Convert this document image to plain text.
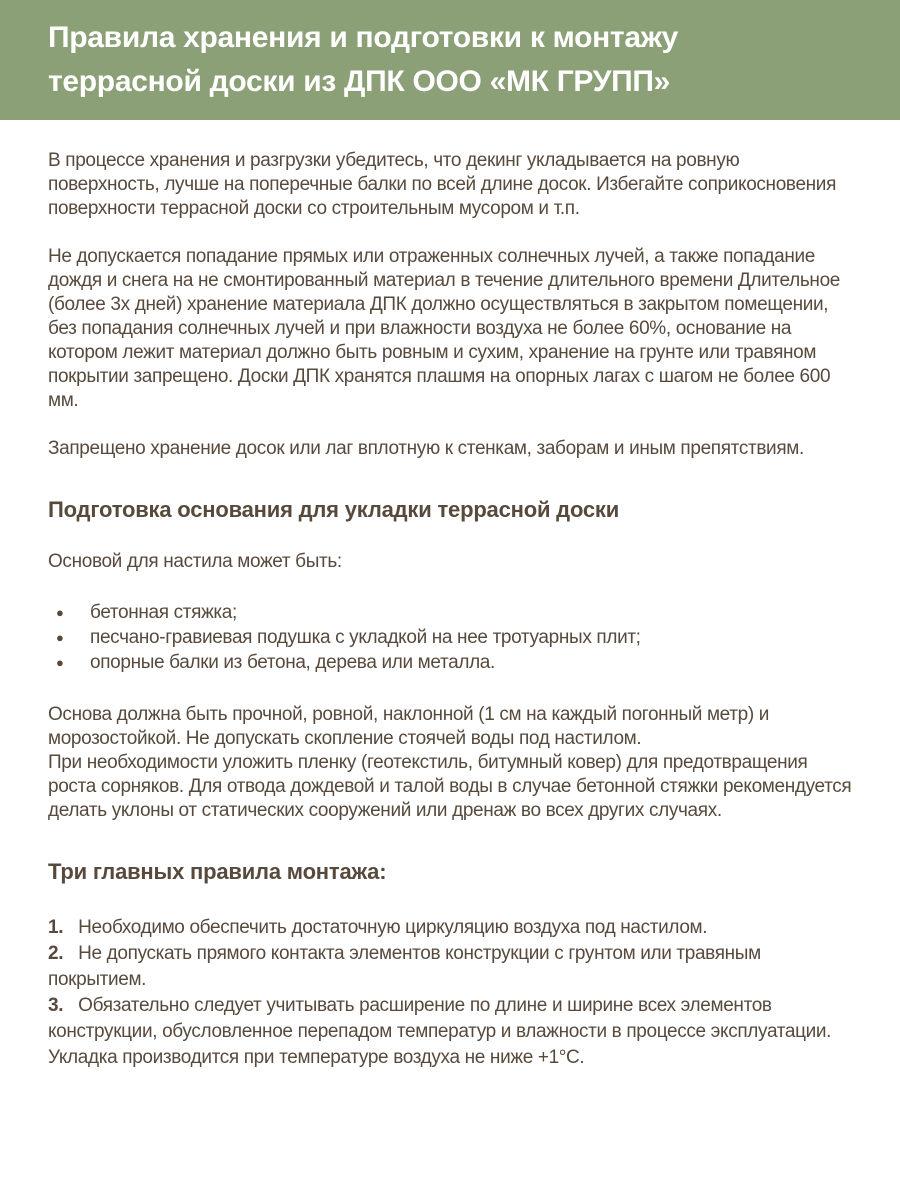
Правила хранения и подготовки к монтажу
террасной доски из ДПК ООО «МК ГРУПП»

В процессе хранения и разгрузки убедитесь, что декинг укладывается на ровную поверхность, лучше на поперечные балки по всей длине досок. Избегайте соприкосновения поверхности террасной доски со строительным мусором и т.п.

Не допускается попадание прямых или отраженных солнечных лучей, а также попадание дождя и снега на не смонтированный материал в течение длительного времени Длительное (более 3х дней) хранение материала ДПК должно осуществляться в закрытом помещении, без попадания солнечных лучей и при влажности воздуха не более 60%, основание на котором лежит материал должно быть ровным и сухим, хранение на грунте или травяном покрытии запрещено. Доски ДПК хранятся плашмя на опорных лагах с шагом не более 600 мм.

Запрещено хранение досок или лаг вплотную к стенкам, заборам и иным препятствиям.

Подготовка основания для укладки террасной доски

Основой для настила может быть:

● бетонная стяжка;
● песчано-гравиевая подушка с укладкой на нее тротуарных плит;
● опорные балки из бетона, дерева или металла.

Основа должна быть прочной, ровной, наклонной (1 см на каждый погонный метр) и морозостойкой. Не допускать скопление стоячей воды под настилом.
При необходимости уложить пленку (геотекстиль, битумный ковер) для предотвращения роста сорняков. Для отвода дождевой и талой воды в случае бетонной стяжки рекомендуется делать уклоны от статических сооружений или дренаж во всех других случаях.

Три главных правила монтажа:

1. Необходимо обеспечить достаточную циркуляцию воздуха под настилом.

2. Не допускать прямого контакта элементов конструкции с грунтом или травяным покрытием.

3. Обязательно следует учитывать расширение по длине и ширине всех элементов конструкции, обусловленное перепадом температур и влажности в процессе эксплуатации. Укладка производится при температуре воздуха не ниже +1°С.
